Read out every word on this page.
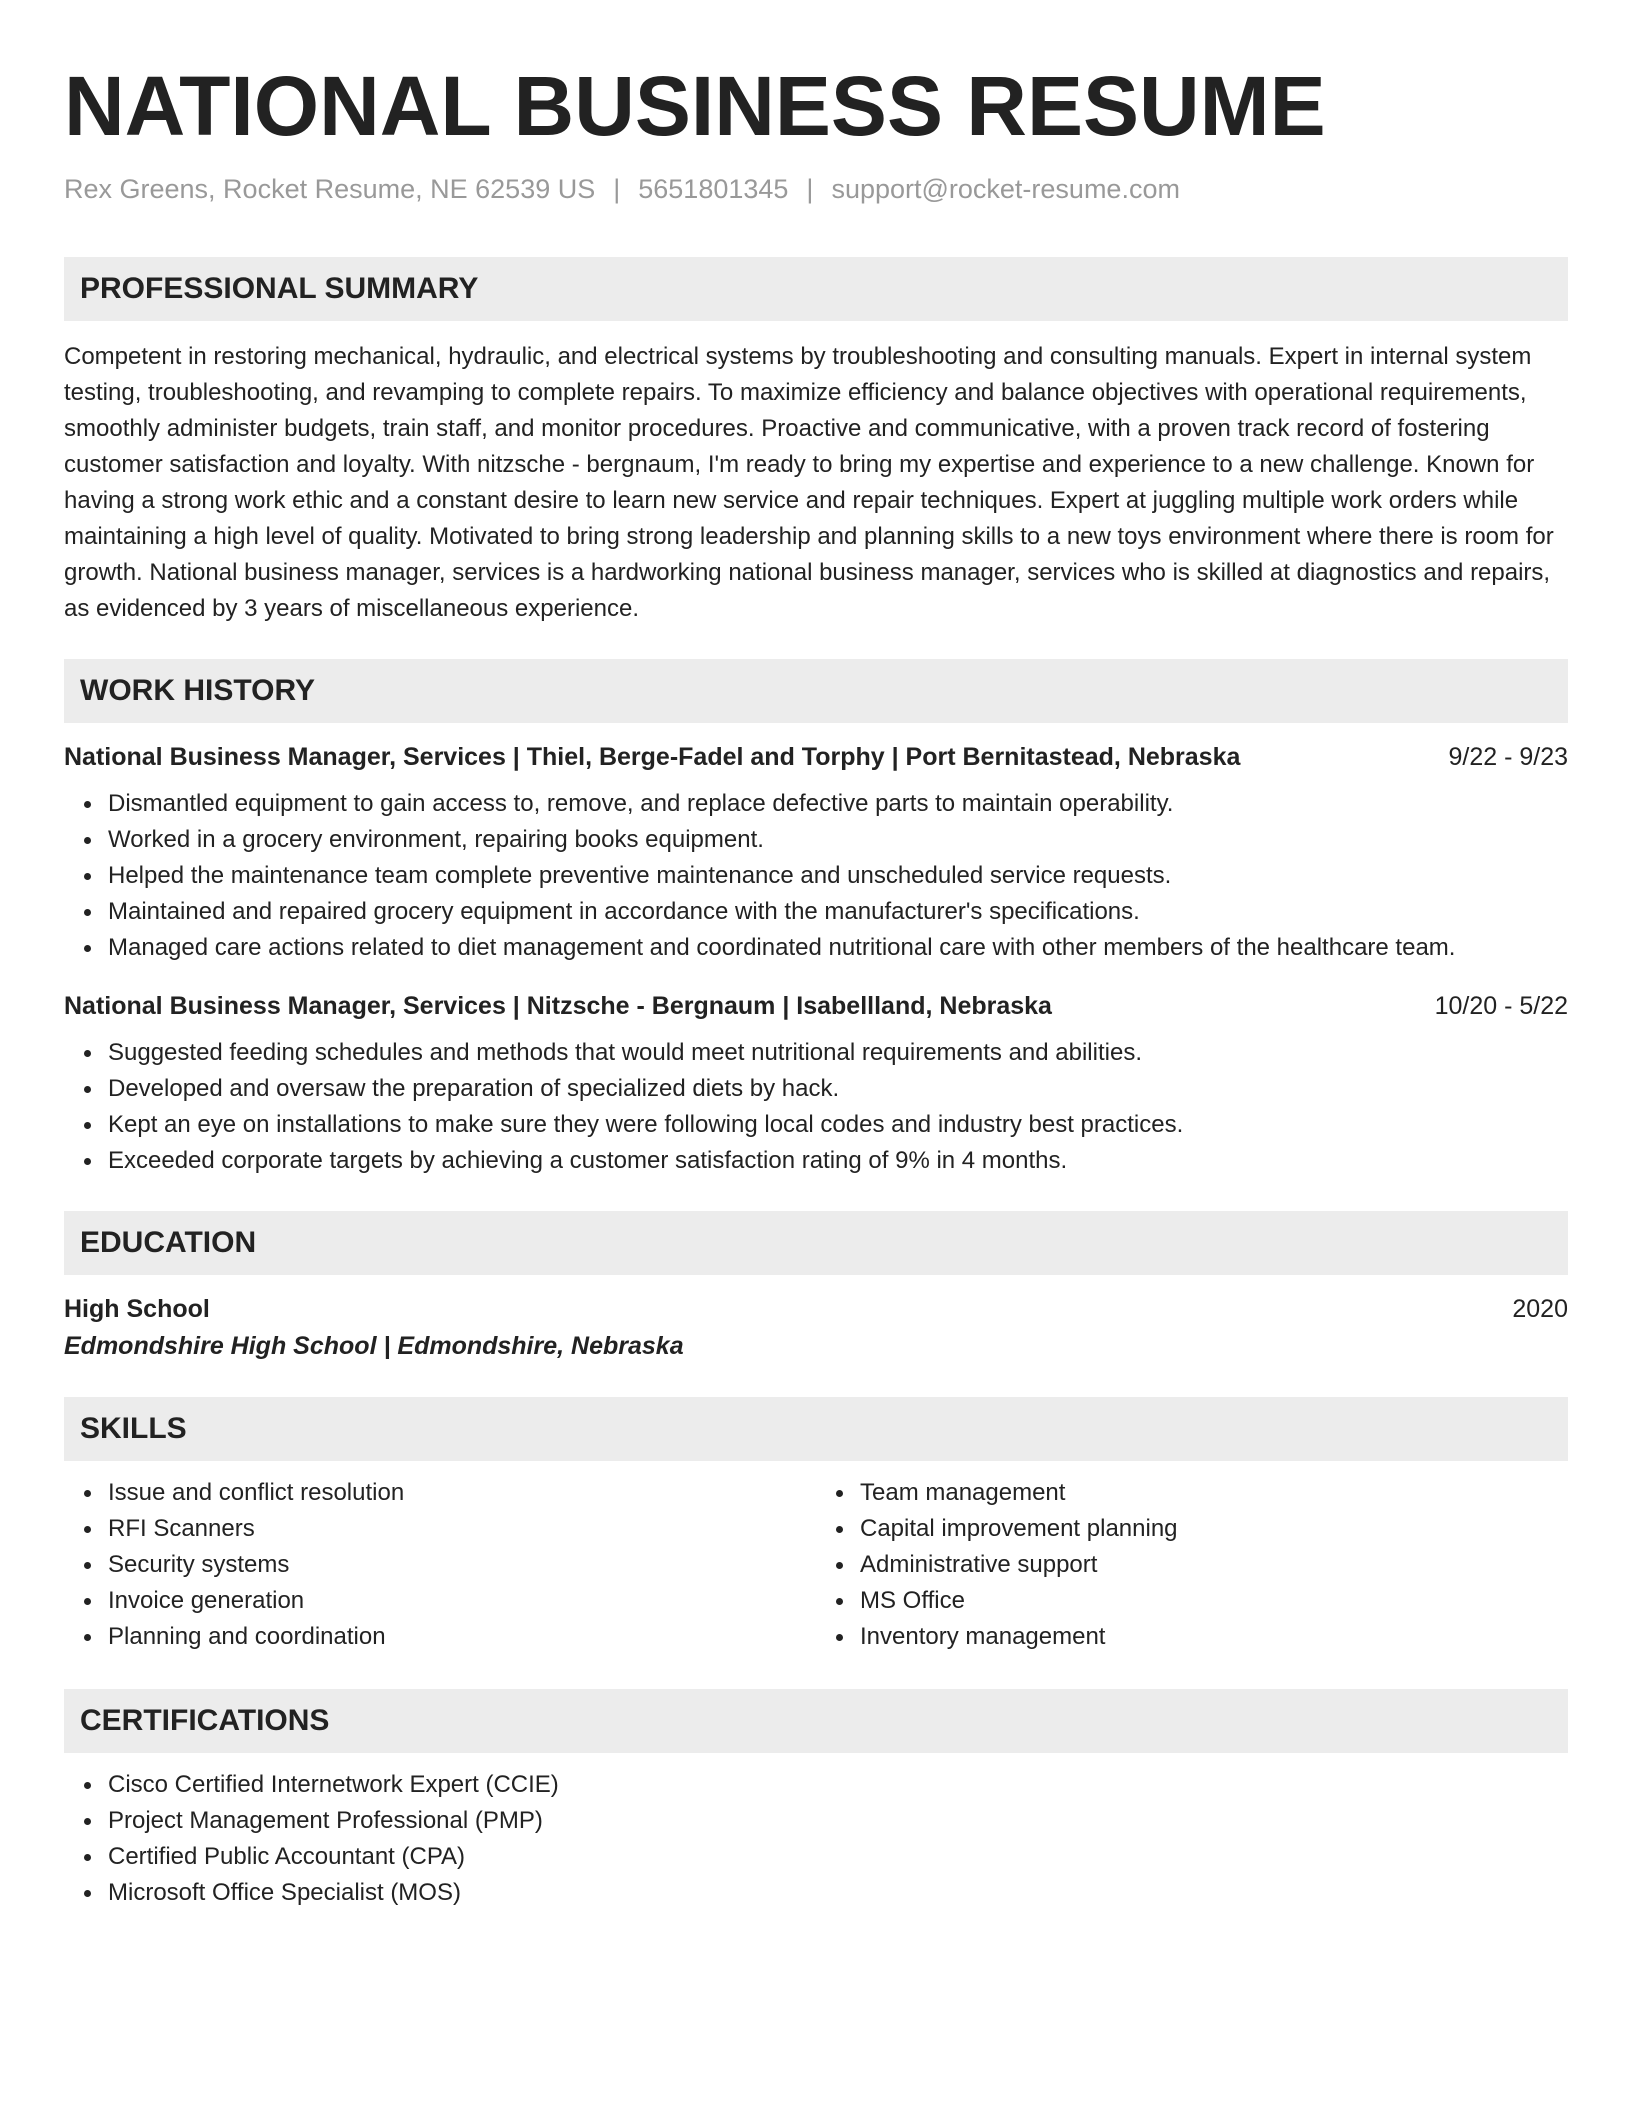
NATIONAL BUSINESS RESUME
Rex Greens, Rocket Resume, NE 62539 US | 5651801345 | support@rocket-resume.com
PROFESSIONAL SUMMARY
Competent in restoring mechanical, hydraulic, and electrical systems by troubleshooting and consulting manuals. Expert in internal system testing, troubleshooting, and revamping to complete repairs. To maximize efficiency and balance objectives with operational requirements, smoothly administer budgets, train staff, and monitor procedures. Proactive and communicative, with a proven track record of fostering customer satisfaction and loyalty. With nitzsche - bergnaum, I'm ready to bring my expertise and experience to a new challenge. Known for having a strong work ethic and a constant desire to learn new service and repair techniques. Expert at juggling multiple work orders while maintaining a high level of quality. Motivated to bring strong leadership and planning skills to a new toys environment where there is room for growth. National business manager, services is a hardworking national business manager, services who is skilled at diagnostics and repairs, as evidenced by 3 years of miscellaneous experience.
WORK HISTORY
National Business Manager, Services | Thiel, Berge-Fadel and Torphy | Port Bernitastead, Nebraska	9/22 - 9/23
Dismantled equipment to gain access to, remove, and replace defective parts to maintain operability.
Worked in a grocery environment, repairing books equipment.
Helped the maintenance team complete preventive maintenance and unscheduled service requests.
Maintained and repaired grocery equipment in accordance with the manufacturer's specifications.
Managed care actions related to diet management and coordinated nutritional care with other members of the healthcare team.
National Business Manager, Services | Nitzsche - Bergnaum | Isabellland, Nebraska	10/20 - 5/22
Suggested feeding schedules and methods that would meet nutritional requirements and abilities.
Developed and oversaw the preparation of specialized diets by hack.
Kept an eye on installations to make sure they were following local codes and industry best practices.
Exceeded corporate targets by achieving a customer satisfaction rating of 9% in 4 months.
EDUCATION
High School	2020
Edmondshire High School | Edmondshire, Nebraska
SKILLS
Issue and conflict resolution
RFI Scanners
Security systems
Invoice generation
Planning and coordination
Team management
Capital improvement planning
Administrative support
MS Office
Inventory management
CERTIFICATIONS
Cisco Certified Internetwork Expert (CCIE)
Project Management Professional (PMP)
Certified Public Accountant (CPA)
Microsoft Office Specialist (MOS)
